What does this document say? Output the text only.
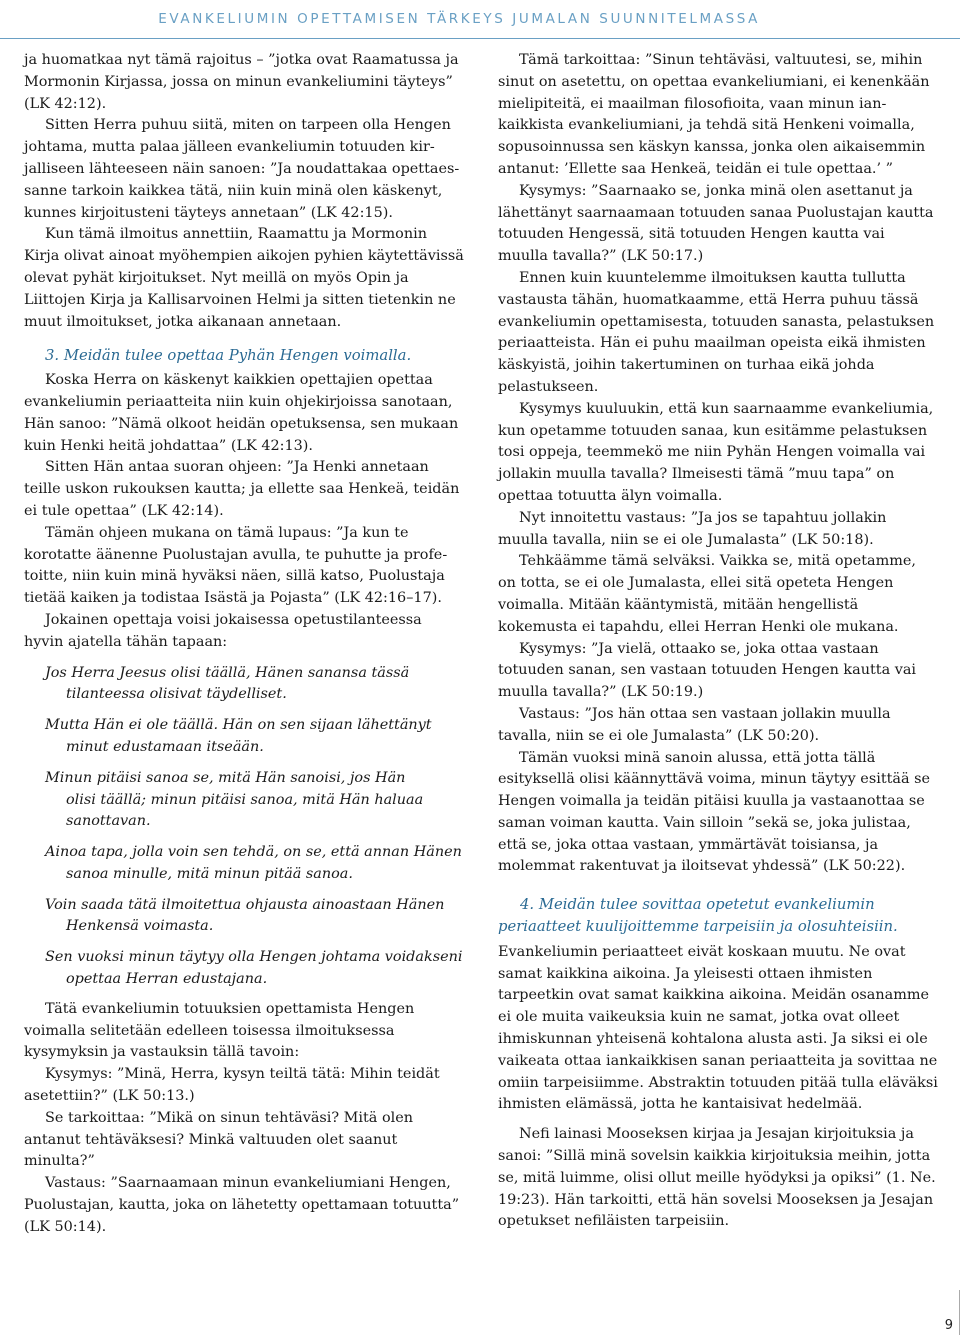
EVANKELIUMIN OPETTAMISEN TÄRKEYS JUMALAN SUUNNITELMASSA

ja huomatkaa nyt tämä rajoitus – ”jotka ovat Raamatussa ja Mormonin Kirjassa, jossa on minun evankeliumini täyteys” (LK 42:12).

Sitten Herra puhuu siitä, miten on tarpeen olla Hengen johtama, mutta palaa jälleen evankeliumin totuuden kirjalliseen lähteeseen näin sanoen: ”Ja noudattakaa opettaessanne tarkoin kaikkea tätä, niin kuin minä olen käskenyt, kunnes kirjoitusteni täyteys annetaan” (LK 42:15).

Kun tämä ilmoitus annettiin, Raamattu ja Mormonin Kirja olivat ainoat myöhempien aikojen pyhien käytettävissä olevat pyhät kirjoitukset. Nyt meillä on myös Opin ja Liittojen Kirja ja Kallisarvoinen Helmi ja sitten tietenkin ne muut ilmoitukset, jotka aikanaan annetaan.

3. Meidän tulee opettaa Pyhän Hengen voimalla.

Koska Herra on käskenyt kaikkien opettajien opettaa evankeliumin periaatteita niin kuin ohjekirjoissa sanotaan, Hän sanoo: ”Nämä olkoot heidän opetuksensa, sen mukaan kuin Henki heitä johdattaa” (LK 42:13).

Sitten Hän antaa suoran ohjeen: ”Ja Henki annetaan teille uskon rukouksen kautta; ja ellette saa Henkeä, teidän ei tule opettaa” (LK 42:14).

Tämän ohjeen mukana on tämä lupaus: ”Ja kun te korotatte äänenne Puolustajan avulla, te puhutte ja profetoitte, niin kuin minä hyväksi näen, sillä katso, Puolustaja tietää kaiken ja todistaa Isästä ja Pojasta” (LK 42:16–17).

Jokainen opettaja voisi jokaisessa opetustilanteessa hyvin ajatella tähän tapaan:

Jos Herra Jeesus olisi täällä, Hänen sanansa tässä
tilanteessa olisivat täydelliset.

Mutta Hän ei ole täällä. Hän on sen sijaan lähettänyt
minut edustamaan itseään.

Minun pitäisi sanoa se, mitä Hän sanoisi, jos Hän
olisi täällä; minun pitäisi sanoa, mitä Hän haluaa sanottavan.

Ainoa tapa, jolla voin sen tehdä, on se, että annan Hänen
sanoa minulle, mitä minun pitää sanoa.

Voin saada tätä ilmoitettua ohjausta ainoastaan Hänen
Henkensä voimasta.

Sen vuoksi minun täytyy olla Hengen johtama voidakseni
opettaa Herran edustajana.

Tätä evankeliumin totuuksien opettamista Hengen voimalla selitetään edelleen toisessa ilmoituksessa kysymyksin ja vastauksin tällä tavoin:

Kysymys: ”Minä, Herra, kysyn teiltä tätä: Mihin teidät asetettiin?” (LK 50:13.)

Se tarkoittaa: ”Mikä on sinun tehtäväsi? Mitä olen antanut tehtäväksesi? Minkä valtuuden olet saanut minulta?”

Vastaus: ”Saarnaamaan minun evankeliumiani Hengen, Puolustajan, kautta, joka on lähetetty opettamaan totuutta” (LK 50:14).

Tämä tarkoittaa: ”Sinun tehtäväsi, valtuutesi, se, mihin sinut on asetettu, on opettaa evankeliumiani, ei kenenkään mielipiteitä, ei maailman filosofioita, vaan minun iankaikkista evankeliumiani, ja tehdä sitä Henkeni voimalla, sopusoinnussa sen käskyn kanssa, jonka olen aikaisemmin antanut: ’Ellette saa Henkeä, teidän ei tule opettaa.’ ”

Kysymys: ”Saarnaako se, jonka minä olen asettanut ja lähettänyt saarnaamaan totuuden sanaa Puolustajan kautta totuuden Hengessä, sitä totuuden Hengen kautta vai muulla tavalla?” (LK 50:17.)

Ennen kuin kuuntelemme ilmoituksen kautta tullutta vastausta tähän, huomatkaamme, että Herra puhuu tässä evankeliumin opettamisesta, totuuden sanasta, pelastuksen periaatteista. Hän ei puhu maailman opeista eikä ihmisten käskyistä, joihin takertuminen on turhaa eikä johda pelastukseen.

Kysymys kuuluukin, että kun saarnaamme evankeliumia, kun opetamme totuuden sanaa, kun esitämme pelastuksen tosi oppeja, teemmekö me niin Pyhän Hengen voimalla vai jollakin muulla tavalla? Ilmeisesti tämä ”muu tapa” on opettaa totuutta älyn voimalla.

Nyt innoitettu vastaus: ”Ja jos se tapahtuu jollakin muulla tavalla, niin se ei ole Jumalasta” (LK 50:18).

Tehkäämme tämä selväksi. Vaikka se, mitä opetamme, on totta, se ei ole Jumalasta, ellei sitä opeteta Hengen voimalla. Mitään kääntymistä, mitään hengellistä kokemusta ei tapahdu, ellei Herran Henki ole mukana.

Kysymys: ”Ja vielä, ottaako se, joka ottaa vastaan totuuden sanan, sen vastaan totuuden Hengen kautta vai muulla tavalla?” (LK 50:19.)

Vastaus: ”Jos hän ottaa sen vastaan jollakin muulla tavalla, niin se ei ole Jumalasta” (LK 50:20).

Tämän vuoksi minä sanoin alussa, että jotta tällä esityksellä olisi käännyttävä voima, minun täytyy esittää se Hengen voimalla ja teidän pitäisi kuulla ja vastaanottaa se saman voiman kautta. Vain silloin ”sekä se, joka julistaa, että se, joka ottaa vastaan, ymmärtävät toisiansa, ja molemmat rakentuvat ja iloitsevat yhdessä” (LK 50:22).

4. Meidän tulee sovittaa opetetut evankeliumin periaatteet kuulijoittemme tarpeisiin ja olosuhteisiin.

Evankeliumin periaatteet eivät koskaan muutu. Ne ovat samat kaikkina aikoina. Ja yleisesti ottaen ihmisten tarpeetkin ovat samat kaikkina aikoina. Meidän osanamme ei ole muita vaikeuksia kuin ne samat, jotka ovat olleet ihmiskunnan yhteisenä kohtalona alusta asti. Ja siksi ei ole vaikeata ottaa iankaikkisen sanan periaatteita ja sovittaa ne omiin tarpeisiimme. Abstraktin totuuden pitää tulla eläväksi ihmisten elämässä, jotta he kantaisivat hedelmää.

Nefi lainasi Mooseksen kirjaa ja Jesajan kirjoituksia ja sanoi: ”Sillä minä sovelsin kaikkia kirjoituksia meihin, jotta se, mitä luimme, olisi ollut meille hyödyksi ja opiksi” (1. Ne. 19:23). Hän tarkoitti, että hän sovelsi Mooseksen ja Jesajan opetukset nefiläisten tarpeisiin.

9
